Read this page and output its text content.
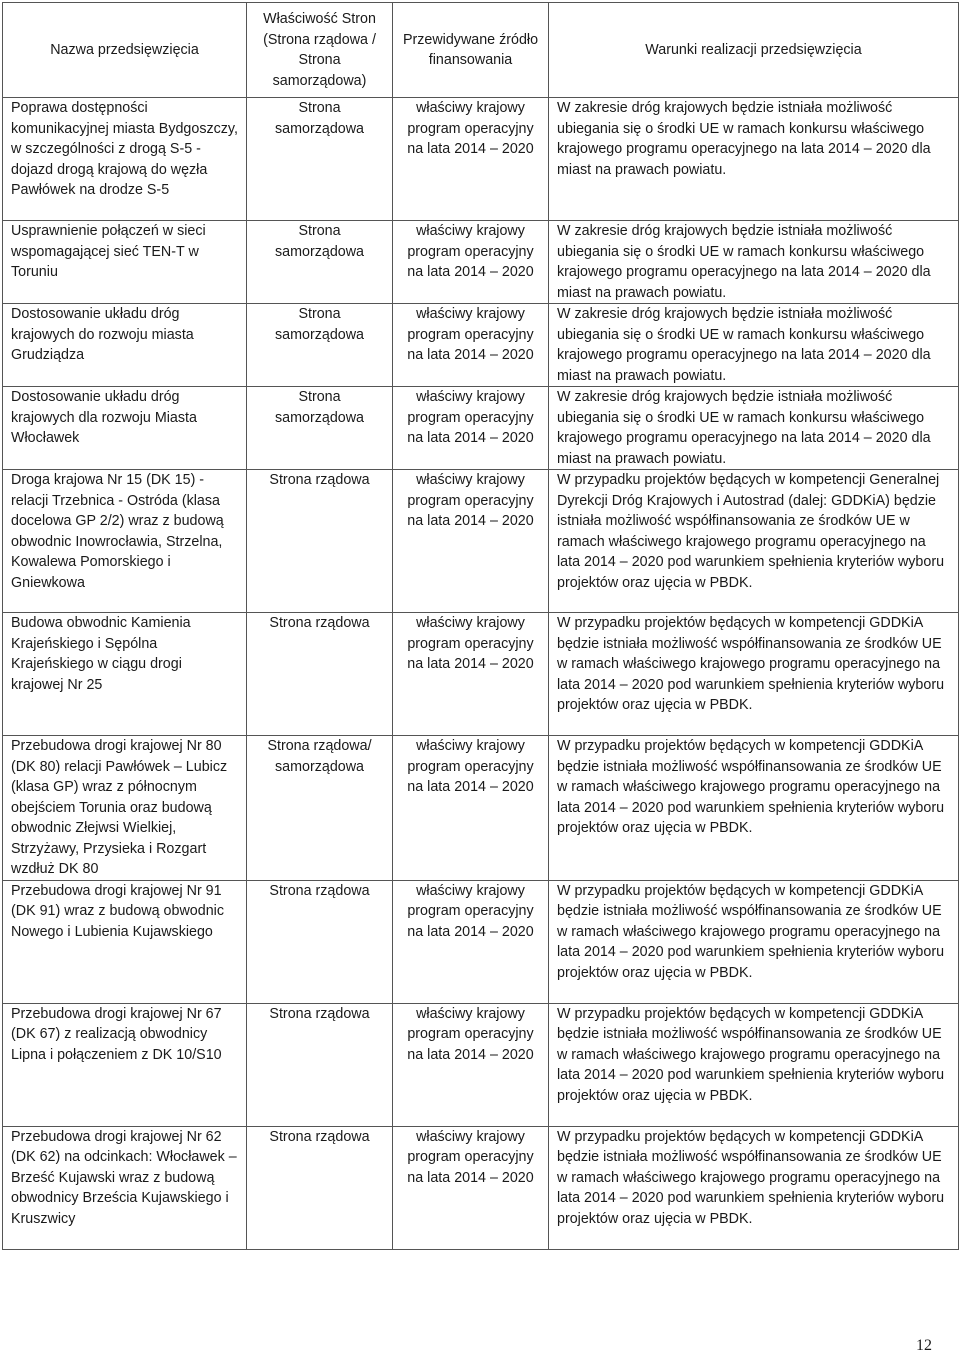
Nazwa przedsięwzięcia	Właściwość Stron (Strona rządowa / Strona samorządowa)	Przewidywane źródło finansowania	Warunki realizacji przedsięwzięcia
Poprawa dostępności komunikacyjnej miasta Bydgoszczy, w szczególności z drogą S-5 - dojazd drogą krajową do węzła Pawłówek na drodze S-5	Strona samorządowa	właściwy krajowy program operacyjny na lata 2014 – 2020	W zakresie dróg krajowych będzie istniała możliwość ubiegania się o środki UE w ramach konkursu właściwego krajowego programu operacyjnego na lata 2014 – 2020 dla miast na prawach powiatu.
Usprawnienie połączeń w sieci wspomagającej sieć TEN-T w Toruniu	Strona samorządowa	właściwy krajowy program operacyjny na lata 2014 – 2020	W zakresie dróg krajowych będzie istniała możliwość ubiegania się o środki UE w ramach konkursu właściwego krajowego programu operacyjnego na lata 2014 – 2020 dla miast na prawach powiatu.
Dostosowanie układu dróg krajowych do rozwoju miasta Grudziądza	Strona samorządowa	właściwy krajowy program operacyjny na lata 2014 – 2020	W zakresie dróg krajowych będzie istniała możliwość ubiegania się o środki UE w ramach konkursu właściwego krajowego programu operacyjnego na lata 2014 – 2020 dla miast na prawach powiatu.
Dostosowanie układu dróg krajowych dla rozwoju Miasta Włocławek	Strona samorządowa	właściwy krajowy program operacyjny na lata 2014 – 2020	W zakresie dróg krajowych będzie istniała możliwość ubiegania się o środki UE w ramach konkursu właściwego krajowego programu operacyjnego na lata 2014 – 2020 dla miast na prawach powiatu.
Droga krajowa Nr 15 (DK 15) - relacji Trzebnica - Ostróda (klasa docelowa GP 2/2) wraz z budową obwodnic Inowrocławia, Strzelna, Kowalewa Pomorskiego i Gniewkowa	Strona rządowa	właściwy krajowy program operacyjny na lata 2014 – 2020	W przypadku projektów będących w kompetencji Generalnej Dyrekcji Dróg Krajowych i Autostrad (dalej: GDDKiA) będzie istniała możliwość współfinansowania ze środków UE w ramach właściwego krajowego programu operacyjnego na lata 2014 – 2020 pod warunkiem spełnienia kryteriów wyboru projektów oraz ujęcia w PBDK.
Budowa obwodnic Kamienia Krajeńskiego i Sępólna Krajeńskiego w ciągu drogi krajowej Nr 25	Strona rządowa	właściwy krajowy program operacyjny na lata 2014 – 2020	W przypadku projektów będących w kompetencji GDDKiA będzie istniała możliwość współfinansowania ze środków UE w ramach właściwego krajowego programu operacyjnego na lata 2014 – 2020 pod warunkiem spełnienia kryteriów wyboru projektów oraz ujęcia w PBDK.
Przebudowa drogi krajowej Nr 80 (DK 80) relacji Pawłówek – Lubicz (klasa GP) wraz z północnym obejściem Torunia oraz budową obwodnic Złejwsi Wielkiej, Strzyżawy, Przysieka i Rozgart wzdłuż DK 80	Strona rządowa/ samorządowa	właściwy krajowy program operacyjny na lata 2014 – 2020	W przypadku projektów będących w kompetencji GDDKiA będzie istniała możliwość współfinansowania ze środków UE w ramach właściwego krajowego programu operacyjnego na lata 2014 – 2020 pod warunkiem spełnienia kryteriów wyboru projektów oraz ujęcia w PBDK.
Przebudowa drogi krajowej Nr 91 (DK 91) wraz z budową obwodnic Nowego i Lubienia Kujawskiego	Strona rządowa	właściwy krajowy program operacyjny na lata 2014 – 2020	W przypadku projektów będących w kompetencji GDDKiA będzie istniała możliwość współfinansowania ze środków UE w ramach właściwego krajowego programu operacyjnego na lata 2014 – 2020 pod warunkiem spełnienia kryteriów wyboru projektów oraz ujęcia w PBDK.
Przebudowa drogi krajowej Nr 67 (DK 67) z realizacją obwodnicy Lipna i połączeniem z DK 10/S10	Strona rządowa	właściwy krajowy program operacyjny na lata 2014 – 2020	W przypadku projektów będących w kompetencji GDDKiA będzie istniała możliwość współfinansowania ze środków UE w ramach właściwego krajowego programu operacyjnego na lata 2014 – 2020 pod warunkiem spełnienia kryteriów wyboru projektów oraz ujęcia w PBDK.
Przebudowa drogi krajowej Nr 62 (DK 62) na odcinkach: Włocławek – Brześć Kujawski wraz z budową obwodnicy Brześcia Kujawskiego i Kruszwicy	Strona rządowa	właściwy krajowy program operacyjny na lata 2014 – 2020	W przypadku projektów będących w kompetencji GDDKiA będzie istniała możliwość współfinansowania ze środków UE w ramach właściwego krajowego programu operacyjnego na lata 2014 – 2020 pod warunkiem spełnienia kryteriów wyboru projektów oraz ujęcia w PBDK.
12
